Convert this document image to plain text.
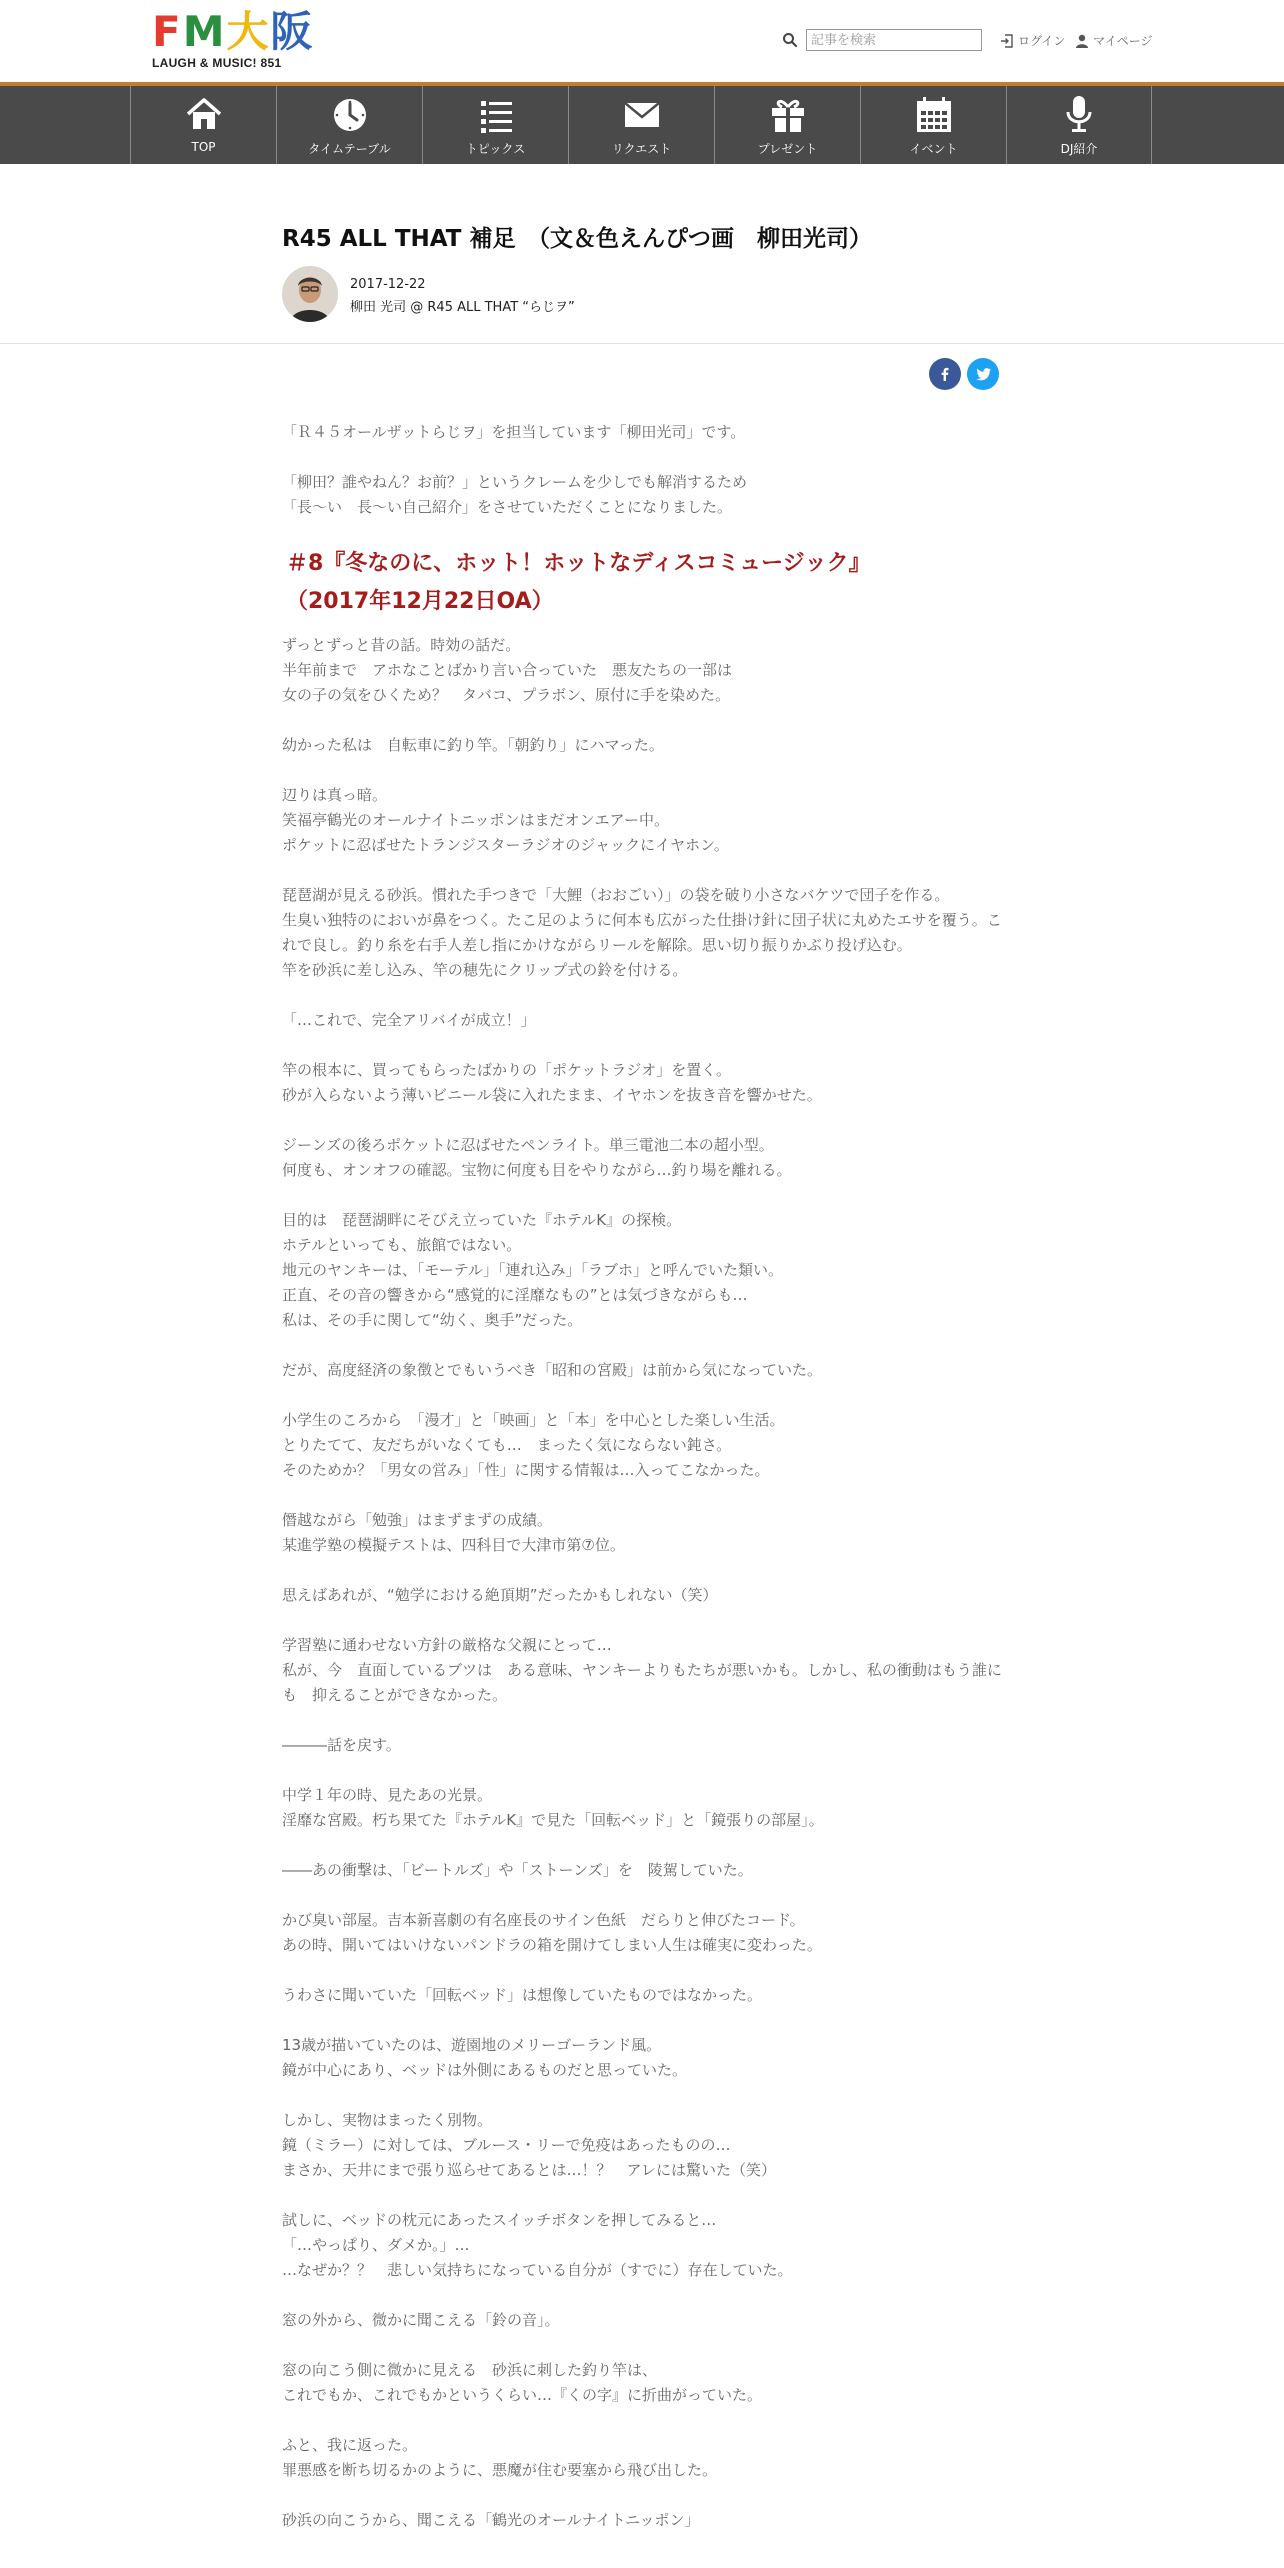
F M 大 阪
LAUGH & MUSIC! 851
記事を検索
ログイン マイページ
TOP	タイムテーブル	トピックス	リクエスト	プレゼント	イベント	DJ紹介
R45 ALL THAT 補足　（文＆色えんぴつ画　柳田光司）
2017-12-22
柳田 光司 @ R45 ALL THAT “らじヲ”

「Ｒ４５オールザットらじヲ」を担当しています「柳田光司」です。

「柳田？誰やねん？お前？」というクレームを少しでも解消するため
「長～い　長～い自己紹介」をさせていただくことになりました。

＃8『冬なのに、ホット！ホットなディスコミュージック』
（2017年12月22日OA）

ずっとずっと昔の話。時効の話だ。
半年前まで　アホなことばかり言い合っていた　悪友たちの一部は
女の子の気をひくため？　タバコ、プラボン、原付に手を染めた。

幼かった私は　自転車に釣り竿。「朝釣り」にハマった。

辺りは真っ暗。
笑福亭鶴光のオールナイトニッポンはまだオンエアー中。
ポケットに忍ばせたトランジスターラジオのジャックにイヤホン。

琵琶湖が見える砂浜。慣れた手つきで「大鯉（おおごい）」の袋を破り小さなバケツで団子を作る。
生臭い独特のにおいが鼻をつく。たこ足のように何本も広がった仕掛け針に団子状に丸めたエサを覆う。これで良し。釣り糸を右手人差し指にかけながらリールを解除。思い切り振りかぶり投げ込む。
竿を砂浜に差し込み、竿の穂先にクリップ式の鈴を付ける。

「…これで、完全アリバイが成立！」

竿の根本に、買ってもらったばかりの「ポケットラジオ」を置く。
砂が入らないよう薄いビニール袋に入れたまま、イヤホンを抜き音を響かせた。

ジーンズの後ろポケットに忍ばせたペンライト。単三電池二本の超小型。
何度も、オンオフの確認。宝物に何度も目をやりながら…釣り場を離れる。

目的は　琵琶湖畔にそびえ立っていた『ホテルK』の探検。
ホテルといっても、旅館ではない。
地元のヤンキーは、「モーテル」「連れ込み」「ラブホ」と呼んでいた類い。
正直、その音の響きから“感覚的に淫靡なもの”とは気づきながらも…
私は、その手に関して“幼く、奥手”だった。

だが、高度経済の象徴とでもいうべき「昭和の宮殿」は前から気になっていた。

小学生のころから　「漫才」と「映画」と「本」を中心とした楽しい生活。
とりたてて、友だちがいなくても…　まったく気にならない鈍さ。
そのためか？「男女の営み」「性」に関する情報は…入ってこなかった。

僭越ながら「勉強」はまずまずの成績。
某進学塾の模擬テストは、四科目で大津市第⑦位。

思えばあれが、“勉学における絶頂期”だったかもしれない（笑）

学習塾に通わせない方針の厳格な父親にとって…
私が、今　直面しているブツは　ある意味、ヤンキーよりもたちが悪いかも。しかし、私の衝動はもう誰にも　抑えることができなかった。

―――話を戻す。

中学１年の時、見たあの光景。
淫靡な宮殿。朽ち果てた『ホテルK』で見た「回転ベッド」と「鏡張りの部屋」。

――あの衝撃は、「ビートルズ」や「ストーンズ」を　陵駕していた。

かび臭い部屋。吉本新喜劇の有名座長のサイン色紙　だらりと伸びたコード。
あの時、開いてはいけないパンドラの箱を開けてしまい人生は確実に変わった。

うわさに聞いていた「回転ベッド」は想像していたものではなかった。

13歳が描いていたのは、遊園地のメリーゴーランド風。
鏡が中心にあり、ベッドは外側にあるものだと思っていた。

しかし、実物はまったく別物。
鏡（ミラー）に対しては、ブルース・リーで免疫はあったものの…
まさか、天井にまで張り巡らせてあるとは…！？　アレには驚いた（笑）

試しに、ベッドの枕元にあったスイッチボタンを押してみると…
「…やっぱり、ダメか。」…
…なぜか？？　悲しい気持ちになっている自分が（すでに）存在していた。

窓の外から、微かに聞こえる「鈴の音」。

窓の向こう側に微かに見える　砂浜に刺した釣り竿は、
これでもか、これでもかというくらい…『くの字』に折曲がっていた。

ふと、我に返った。
罪悪感を断ち切るかのように、悪魔が住む要塞から飛び出した。

砂浜の向こうから、聞こえる「鶴光のオールナイトニッポン」
